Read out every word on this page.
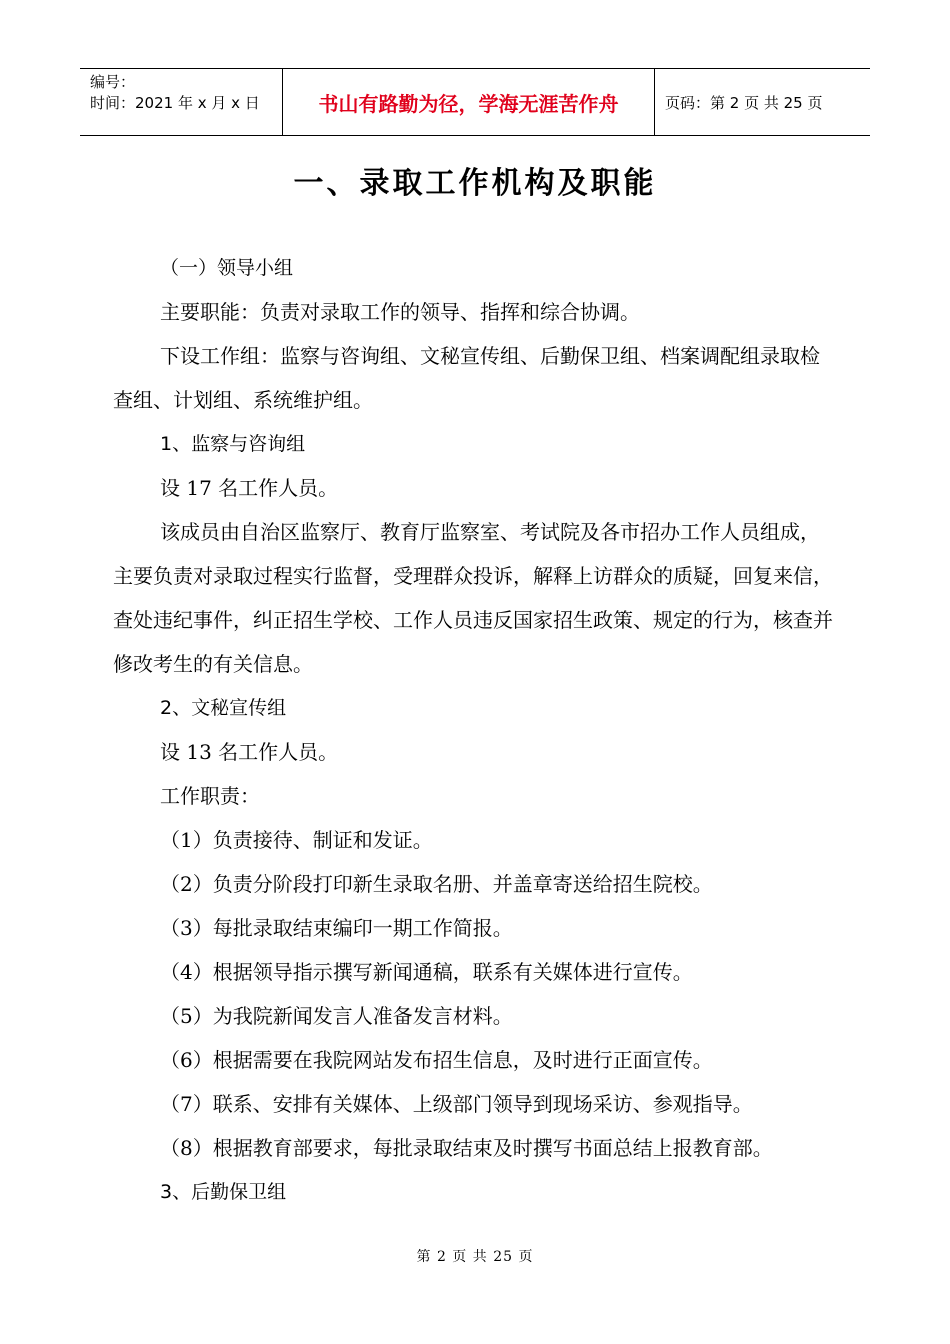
编号：
时间：2021 年 x 月 x 日	书山有路勤为径，学海无涯苦作舟	页码：第 2 页 共 25 页
一、录取工作机构及职能

（一）领导小组

主要职能：负责对录取工作的领导、指挥和综合协调。

下设工作组：监察与咨询组、文秘宣传组、后勤保卫组、档案调配组录取检查组、计划组、系统维护组。

1、监察与咨询组

设 17 名工作人员。

该成员由自治区监察厅、教育厅监察室、考试院及各市招办工作人员组成，主要负责对录取过程实行监督，受理群众投诉，解释上访群众的质疑，回复来信，查处违纪事件，纠正招生学校、工作人员违反国家招生政策、规定的行为，核查并修改考生的有关信息。

2、文秘宣传组

设 13 名工作人员。

工作职责：

（1）负责接待、制证和发证。

（2）负责分阶段打印新生录取名册、并盖章寄送给招生院校。

（3）每批录取结束编印一期工作简报。

（4）根据领导指示撰写新闻通稿，联系有关媒体进行宣传。

（5）为我院新闻发言人准备发言材料。

（6）根据需要在我院网站发布招生信息，及时进行正面宣传。

（7）联系、安排有关媒体、上级部门领导到现场采访、参观指导。

（8）根据教育部要求，每批录取结束及时撰写书面总结上报教育部。

3、后勤保卫组

第 2 页 共 25 页
